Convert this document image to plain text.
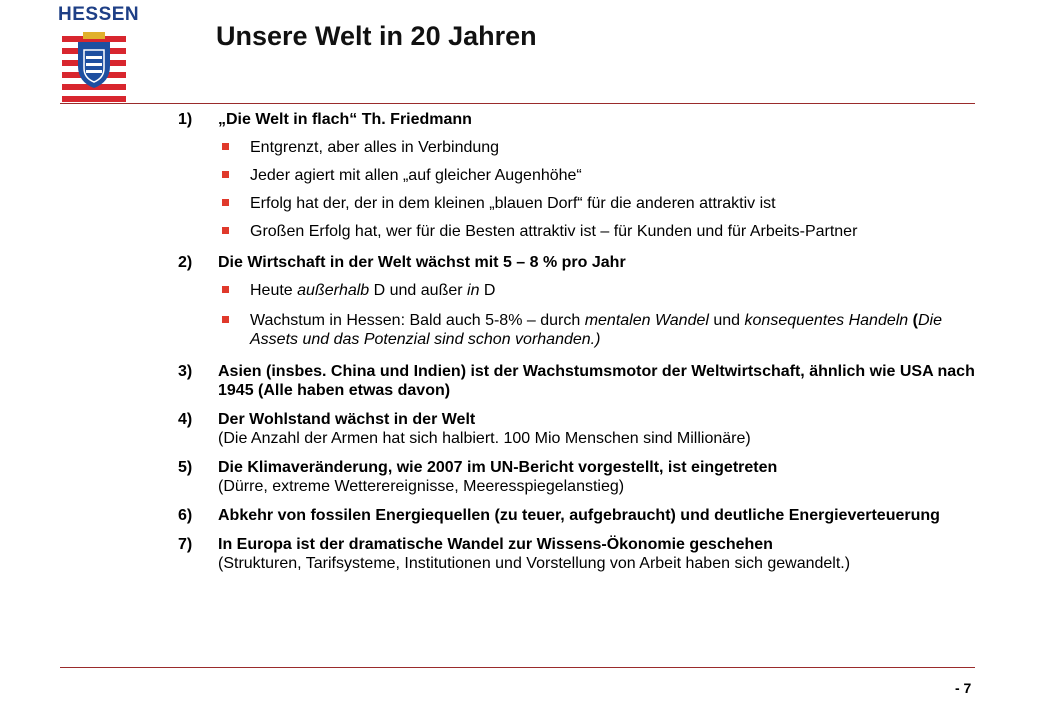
HESSEN
Unsere Welt in 20 Jahren
1) „Die Welt in flach“ Th. Friedmann
Entgrenzt, aber alles in Verbindung
Jeder agiert mit allen „auf gleicher Augenhöhe“
Erfolg hat der, der in dem kleinen „blauen Dorf“ für die anderen attraktiv ist
Großen Erfolg hat, wer für die Besten attraktiv ist – für Kunden und für Arbeits-Partner
2) Die Wirtschaft in der Welt wächst mit 5 – 8 % pro Jahr
Heute außerhalb D und außer in D
Wachstum in Hessen: Bald auch 5-8% – durch mentalen Wandel und konsequentes Handeln (Die Assets und das Potenzial sind schon vorhanden.)
3) Asien (insbes. China und Indien) ist der Wachstumsmotor der Weltwirtschaft, ähnlich wie USA nach 1945 (Alle haben etwas davon)
4) Der Wohlstand wächst in der Welt
(Die Anzahl der Armen hat sich halbiert. 100 Mio Menschen sind Millionäre)
5) Die Klimaveränderung, wie 2007 im UN-Bericht vorgestellt, ist eingetreten
(Dürre, extreme Wetterereignisse, Meeresspiegelanstieg)
6) Abkehr von fossilen Energiequellen (zu teuer, aufgebraucht) und deutliche Energieverteuerung
7) In Europa ist der dramatische Wandel zur Wissens-Ökonomie geschehen
(Strukturen, Tarifsysteme, Institutionen und Vorstellung von Arbeit haben sich gewandelt.)
- 7
